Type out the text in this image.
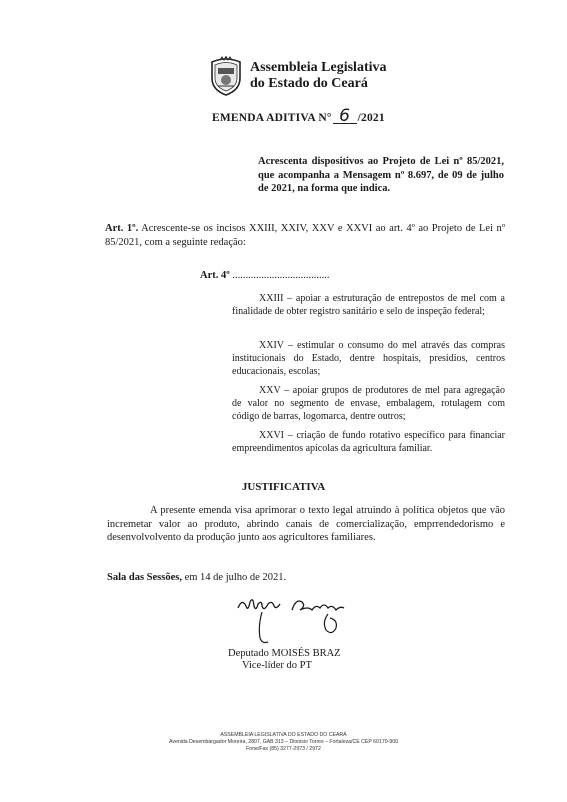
Assembleia Legislativa
do Estado do Ceará
EMENDA ADITIVA N° 6 /2021
Acrescenta dispositivos ao Projeto de Lei nº 85/2021, que acompanha a Mensagem nº 8.697, de 09 de julho de 2021, na forma que indica.
Art. 1º. Acrescente-se os incisos XXIII, XXIV, XXV e XXVI ao art. 4º ao Projeto de Lei nº 85/2021, com a seguinte redação:
Art. 4º .....................................
XXIII – apoiar a estruturação de entrepostos de mel com a finalidade de obter registro sanitário e selo de inspeção federal;
XXIV – estimular o consumo do mel através das compras institucionais do Estado, dentre hospitais, presídios, centros educacionais, escolas;
XXV – apoiar grupos de produtores de mel para agregação de valor no segmento de envase, embalagem, rotulagem com código de barras, logomarca, dentre outros;
XXVI – criação de fundo rotativo específico para financiar empreendimentos apícolas da agricultura familiar.
JUSTIFICATIVA
A presente emenda visa aprimorar o texto legal atruindo à política objetos que vão incremetar valor ao produto, abrindo canais de comercialização, emprrendedorismo e desenvolvolvento da produção junto aos agricultores familiares.
Sala das Sessões, em 14 de julho de 2021.
Deputado MOISÉS BRAZ
Vice-líder do PT
ASSEMBLEIA LEGISLATIVA DO ESTADO DO CEARÁ
Avenida Desembargador Moreira, 2807, GAB 313 – Dionisio Torres – Fortaleza/CE CEP 60170-900
Fone/Fax (85) 3277-2973 / 2972
